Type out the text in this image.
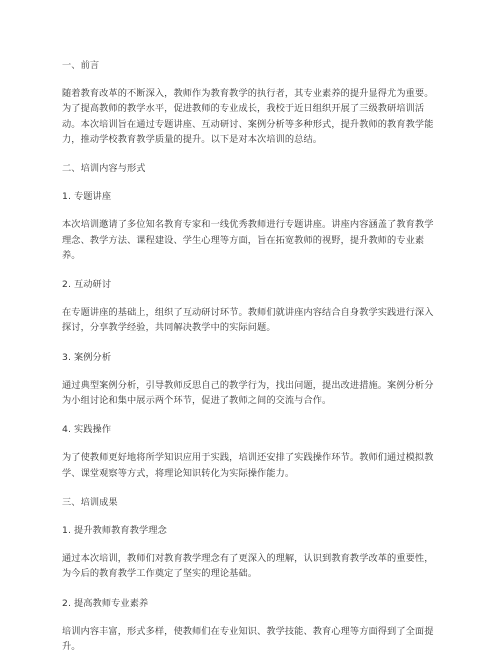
一、前言

随着教育改革的不断深入，教师作为教育教学的执行者，其专业素养的提升显得尤为重要。为了提高教师的教学水平，促进教师的专业成长，我校于近日组织开展了三级教研培训活动。本次培训旨在通过专题讲座、互动研讨、案例分析等多种形式，提升教师的教育教学能力，推动学校教育教学质量的提升。以下是对本次培训的总结。

二、培训内容与形式

1. 专题讲座

本次培训邀请了多位知名教育专家和一线优秀教师进行专题讲座。讲座内容涵盖了教育教学理念、教学方法、课程建设、学生心理等方面，旨在拓宽教师的视野，提升教师的专业素养。

2. 互动研讨

在专题讲座的基础上，组织了互动研讨环节。教师们就讲座内容结合自身教学实践进行深入探讨，分享教学经验，共同解决教学中的实际问题。

3. 案例分析

通过典型案例分析，引导教师反思自己的教学行为，找出问题，提出改进措施。案例分析分为小组讨论和集中展示两个环节，促进了教师之间的交流与合作。

4. 实践操作

为了使教师更好地将所学知识应用于实践，培训还安排了实践操作环节。教师们通过模拟教学、课堂观察等方式，将理论知识转化为实际操作能力。

三、培训成果

1. 提升教师教育教学理念

通过本次培训，教师们对教育教学理念有了更深入的理解，认识到教育教学改革的重要性，为今后的教育教学工作奠定了坚实的理论基础。

2. 提高教师专业素养

培训内容丰富，形式多样，使教师们在专业知识、教学技能、教育心理等方面得到了全面提升。
